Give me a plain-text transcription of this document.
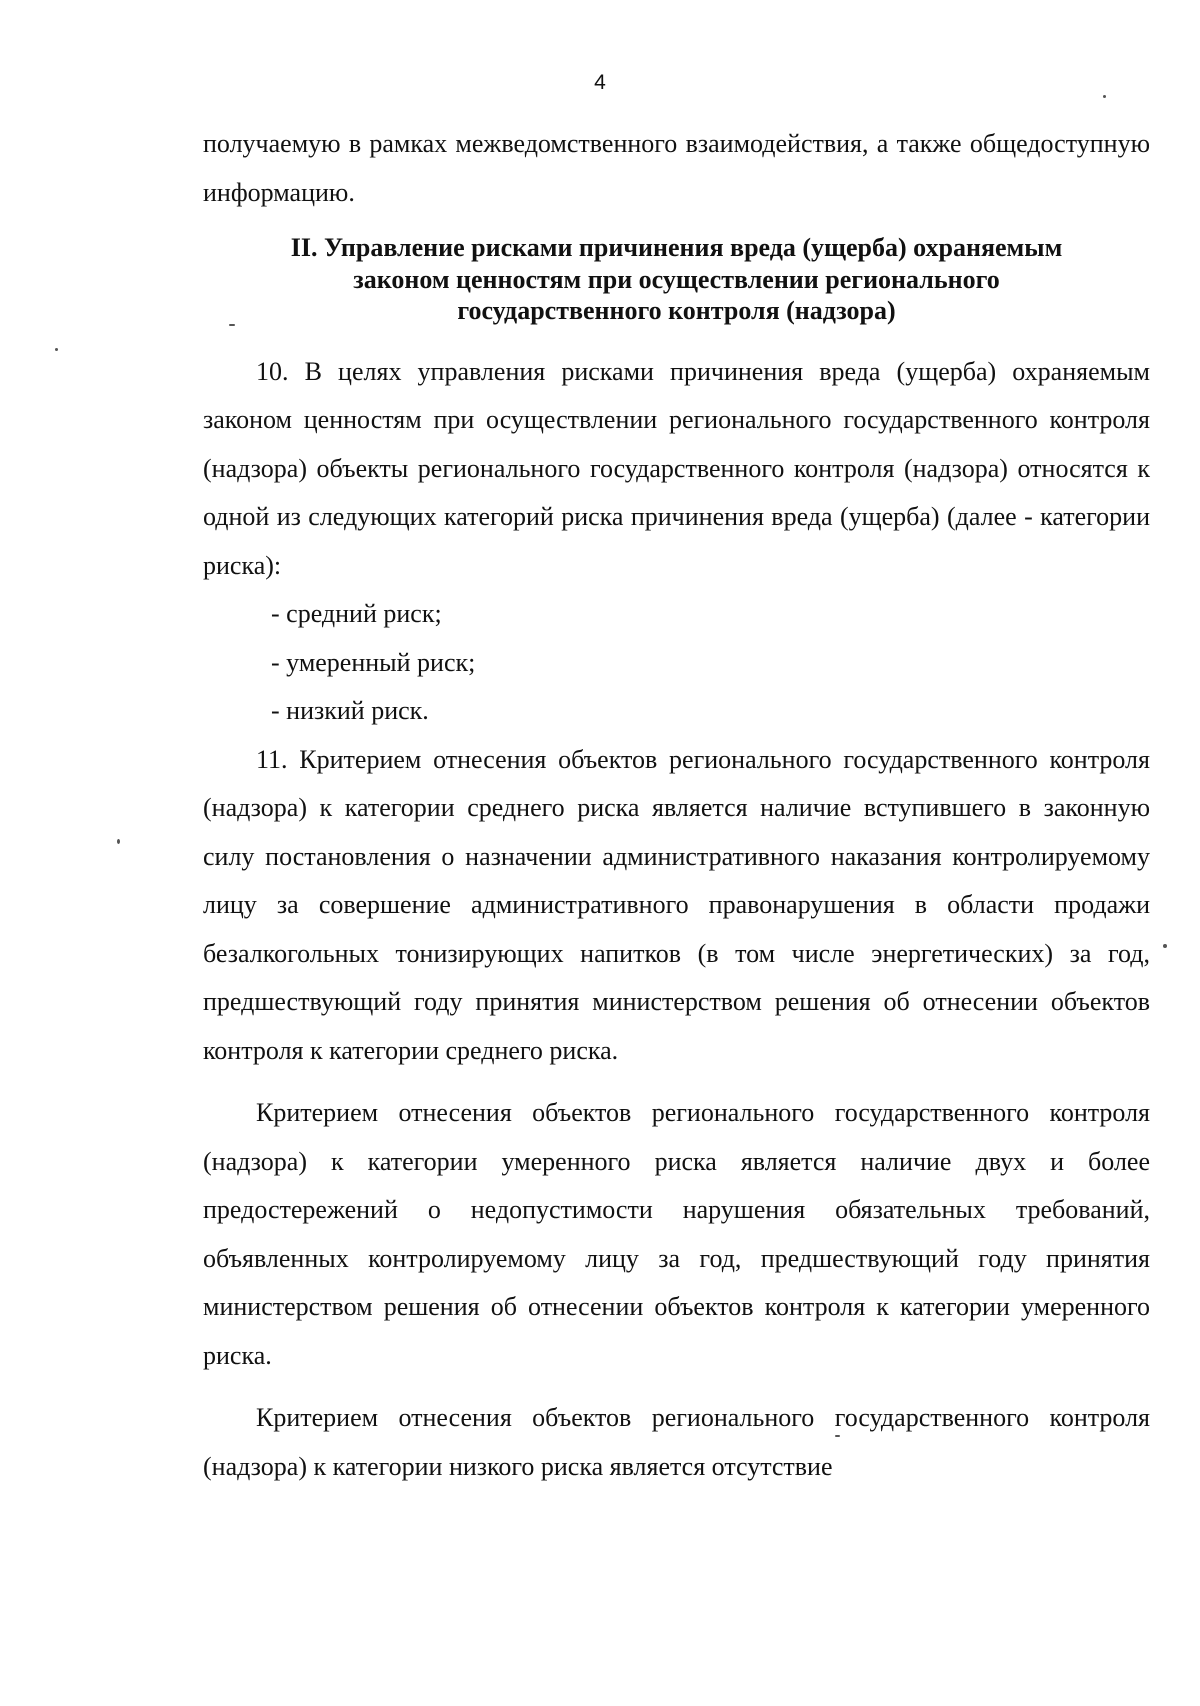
4

получаемую в рамках межведомственного взаимодействия, а также общедоступную информацию.

II. Управление рисками причинения вреда (ущерба) охраняемым
законом ценностям при осуществлении регионального
государственного контроля (надзора)

10. В целях управления рисками причинения вреда (ущерба) охраняемым законом ценностям при осуществлении регионального государственного контроля (надзора) объекты регионального государственного контроля (надзора) относятся к одной из следующих категорий риска причинения вреда (ущерба) (далее - категории риска):

- средний риск;

- умеренный риск;

- низкий риск.

11. Критерием отнесения объектов регионального государственного контроля (надзора) к категории среднего риска является наличие вступившего в законную силу постановления о назначении административного наказания контролируемому лицу за совершение административного правонарушения в области продажи безалкогольных тонизирующих напитков (в том числе энергетических) за год, предшествующий году принятия министерством решения об отнесении объектов контроля к категории среднего риска.

Критерием отнесения объектов регионального государственного контроля (надзора) к категории умеренного риска является наличие двух и более предостережений о недопустимости нарушения обязательных требований, объявленных контролируемому лицу за год, предшествующий году принятия министерством решения об отнесении объектов контроля к категории умеренного риска.

Критерием отнесения объектов регионального государственного контроля (надзора) к категории низкого риска является отсутствие
